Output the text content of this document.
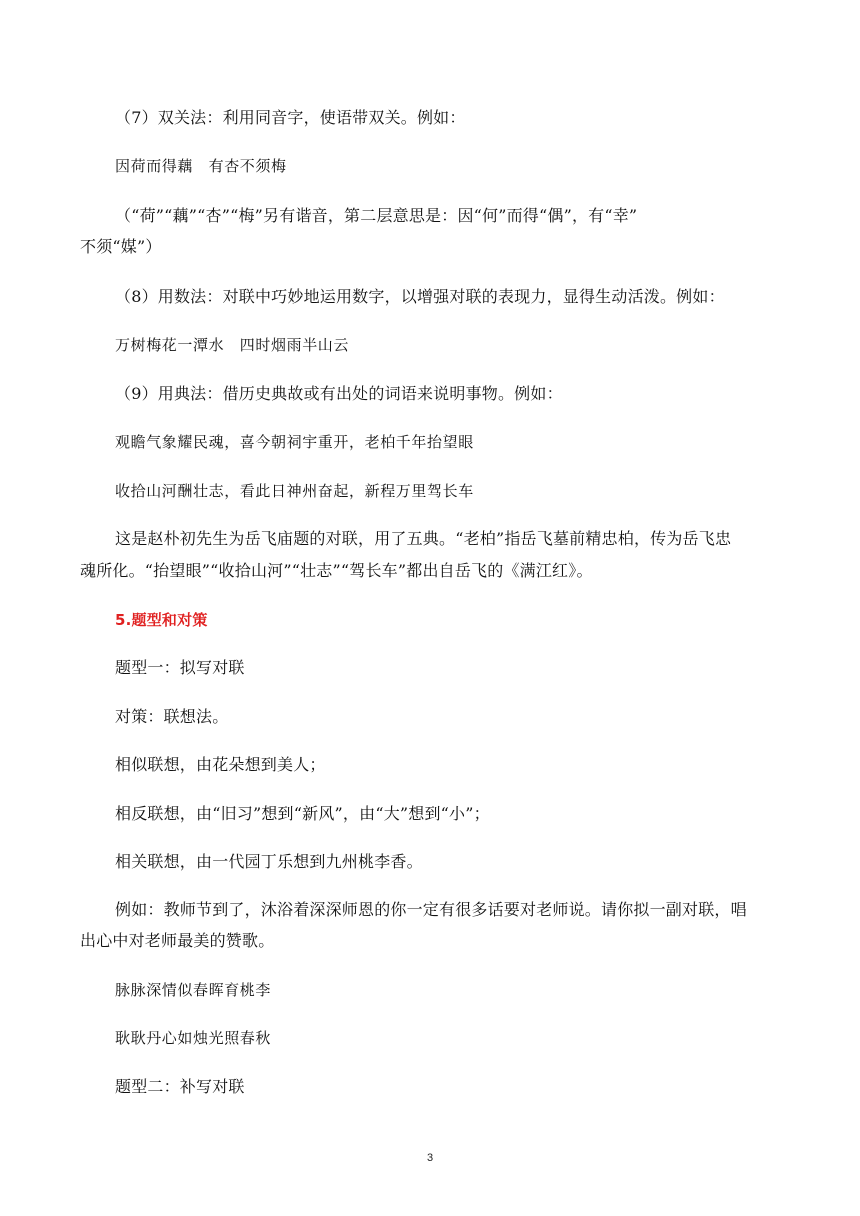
（7）双关法：利用同音字，使语带双关。例如：
因荷而得藕　有杏不须梅
（“荷”“藕”“杏”“梅”另有谐音，第二层意思是：因“何”而得“偶”，有“幸”
不须“媒”）
（8）用数法：对联中巧妙地运用数字，以增强对联的表现力，显得生动活泼。例如：
万树梅花一潭水　四时烟雨半山云
（9）用典法：借历史典故或有出处的词语来说明事物。例如：
观瞻气象耀民魂，喜今朝祠宇重开，老柏千年抬望眼
收拾山河酬壮志，看此日神州奋起，新程万里驾长车
这是赵朴初先生为岳飞庙题的对联，用了五典。“老柏”指岳飞墓前精忠柏，传为岳飞忠
魂所化。“抬望眼”“收拾山河”“壮志”“驾长车”都出自岳飞的《满江红》。
5.题型和对策
题型一：拟写对联
对策：联想法。
相似联想，由花朵想到美人；
相反联想，由“旧习”想到“新风”，由“大”想到“小”；
相关联想，由一代园丁乐想到九州桃李香。
例如：教师节到了，沐浴着深深师恩的你一定有很多话要对老师说。请你拟一副对联，唱
出心中对老师最美的赞歌。
脉脉深情似春晖育桃李
耿耿丹心如烛光照春秋
题型二：补写对联
3
